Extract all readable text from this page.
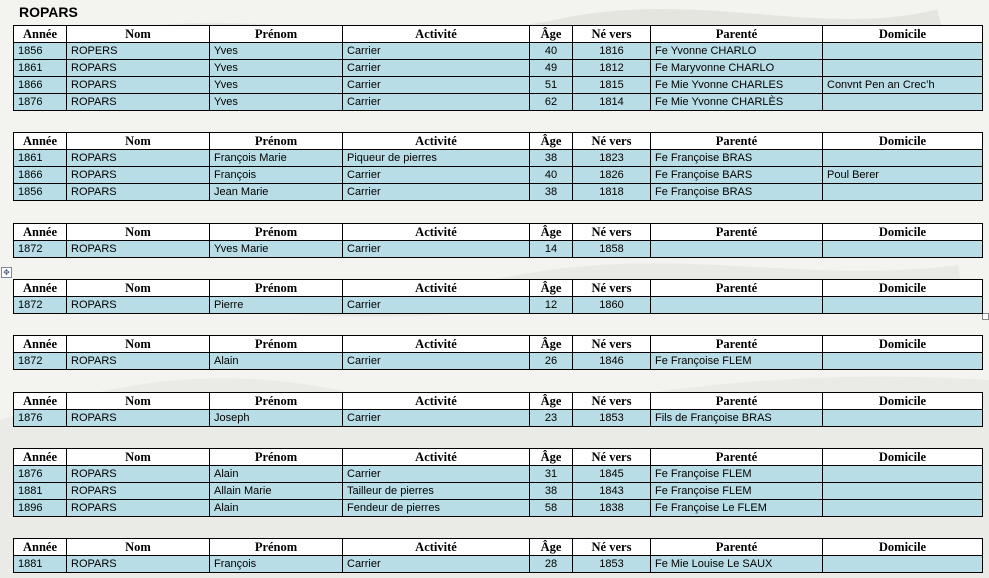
ROPARS
✥
Année	Nom	Prénom	Activité	Âge	Né vers	Parenté	Domicile
1856	ROPERS	Yves	Carrier	40	1816	Fe Yvonne CHARLO	
1861	ROPARS	Yves	Carrier	49	1812	Fe Maryvonne CHARLO	
1866	ROPARS	Yves	Carrier	51	1815	Fe Mie Yvonne CHARLES	Convnt Pen an Crec’h
1876	ROPARS	Yves	Carrier	62	1814	Fe Mie Yvonne CHARLÈS	
Année	Nom	Prénom	Activité	Âge	Né vers	Parenté	Domicile
1861	ROPARS	François Marie	Piqueur de pierres	38	1823	Fe Françoise BRAS	
1866	ROPARS	François	Carrier	40	1826	Fe Françoise BARS	Poul Berer
1856	ROPARS	Jean Marie	Carrier	38	1818	Fe Françoise BRAS	
Année	Nom	Prénom	Activité	Âge	Né vers	Parenté	Domicile
1872	ROPARS	Yves Marie	Carrier	14	1858		
Année	Nom	Prénom	Activité	Âge	Né vers	Parenté	Domicile
1872	ROPARS	Pierre	Carrier	12	1860		
Année	Nom	Prénom	Activité	Âge	Né vers	Parenté	Domicile
1872	ROPARS	Alain	Carrier	26	1846	Fe Françoise FLEM	
Année	Nom	Prénom	Activité	Âge	Né vers	Parenté	Domicile
1876	ROPARS	Joseph	Carrier	23	1853	Fils de Françoise BRAS	
Année	Nom	Prénom	Activité	Âge	Né vers	Parenté	Domicile
1876	ROPARS	Alain	Carrier	31	1845	Fe Françoise FLEM	
1881	ROPARS	Allain Marie	Tailleur de pierres	38	1843	Fe Françoise FLEM	
1896	ROPARS	Alain	Fendeur de pierres	58	1838	Fe Françoise Le FLEM	
Année	Nom	Prénom	Activité	Âge	Né vers	Parenté	Domicile
1881	ROPARS	François	Carrier	28	1853	Fe Mie Louise Le SAUX	
